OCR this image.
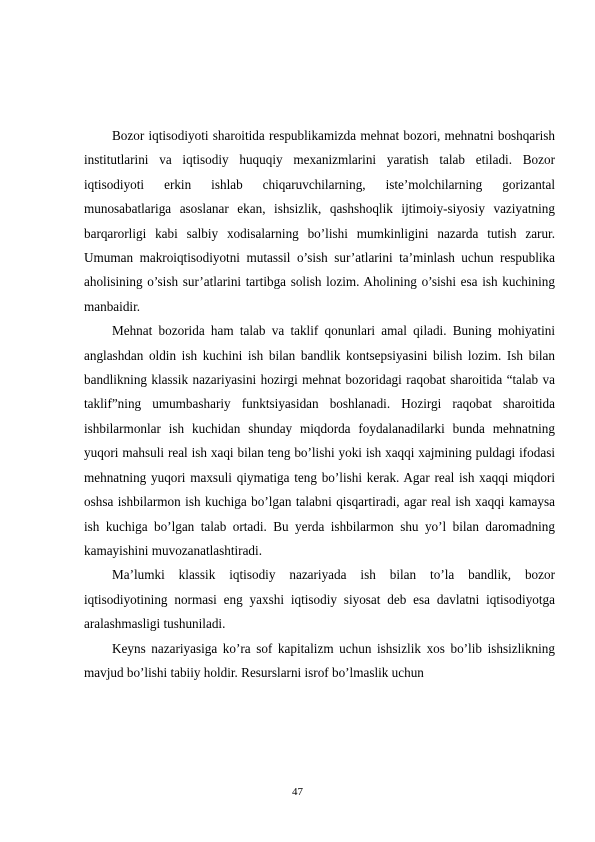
Bozor iqtisodiyoti sharoitida respublikamizda mehnat bozori, mehnatni boshqarish institutlarini va iqtisodiy huquqiy mexanizmlarini yaratish talab etiladi. Bozor iqtisodiyoti erkin ishlab chiqaruvchilarning, iste’molchilarning gorizantal munosabatlariga asoslanar ekan, ishsizlik, qashshoqlik ijtimoiy-siyosiy vaziyatning barqarorligi kabi salbiy xodisalarning bo’lishi mumkinligini nazarda tutish zarur. Umuman makroiqtisodiyotni mutassil o’sish sur’atlarini ta’minlash uchun respublika aholisining o’sish sur’atlarini tartibga solish lozim. Aholining o’sishi esa ish kuchining manbaidir.

Mehnat bozorida ham talab va taklif qonunlari amal qiladi. Buning mohiyatini anglashdan oldin ish kuchini ish bilan bandlik kontsepsiyasini bilish lozim. Ish bilan bandlikning klassik nazariyasini hozirgi mehnat bozoridagi raqobat sharoitida “talab va taklif”ning umumbashariy funktsiyasidan boshlanadi. Hozirgi raqobat sharoitida ishbilarmonlar ish kuchidan shunday miqdorda foydalanadilarki bunda mehnatning yuqori mahsuli real ish xaqi bilan teng bo’lishi yoki ish xaqqi xajmining puldagi ifodasi mehnatning yuqori maxsuli qiymatiga teng bo’lishi kerak. Agar real ish xaqqi miqdori oshsa ishbilarmon ish kuchiga bo’lgan talabni qisqartiradi, agar real ish xaqqi kamaysa ish kuchiga bo’lgan talab ortadi. Bu yerda ishbilarmon shu yo’l bilan daromadning kamayishini muvozanatlashtiradi.

Ma’lumki klassik iqtisodiy nazariyada ish bilan to’la bandlik, bozor iqtisodiyotining normasi eng yaxshi iqtisodiy siyosat deb esa davlatni iqtisodiyotga aralashmasligi tushuniladi.

Keyns nazariyasiga ko’ra sof kapitalizm uchun ishsizlik xos bo’lib ishsizlikning mavjud bo’lishi tabiiy holdir. Resurslarni isrof bo’lmaslik uchun

47
